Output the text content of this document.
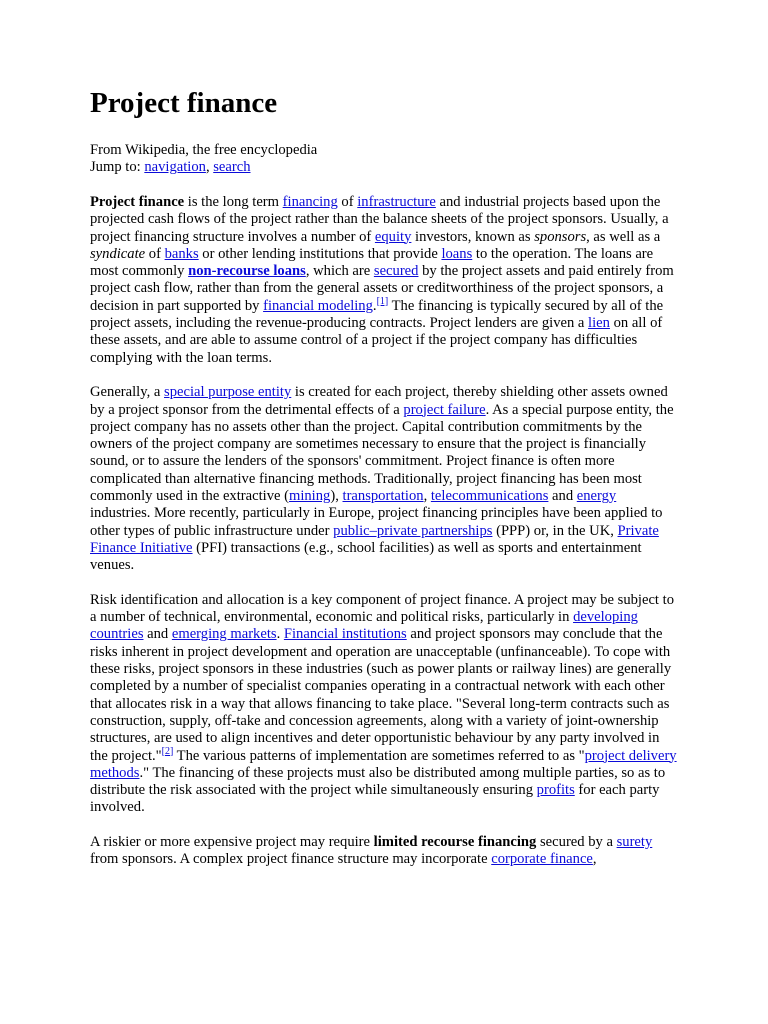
Project finance
From Wikipedia, the free encyclopedia
Jump to: navigation, search

Project finance is the long term financing of infrastructure and industrial projects based upon the projected cash flows of the project rather than the balance sheets of the project sponsors. Usually, a project financing structure involves a number of equity investors, known as sponsors, as well as a syndicate of banks or other lending institutions that provide loans to the operation. The loans are most commonly non-recourse loans, which are secured by the project assets and paid entirely from project cash flow, rather than from the general assets or creditworthiness of the project sponsors, a decision in part supported by financial modeling.[1] The financing is typically secured by all of the project assets, including the revenue-producing contracts. Project lenders are given a lien on all of these assets, and are able to assume control of a project if the project company has difficulties complying with the loan terms.

Generally, a special purpose entity is created for each project, thereby shielding other assets owned by a project sponsor from the detrimental effects of a project failure. As a special purpose entity, the project company has no assets other than the project. Capital contribution commitments by the owners of the project company are sometimes necessary to ensure that the project is financially sound, or to assure the lenders of the sponsors' commitment. Project finance is often more complicated than alternative financing methods. Traditionally, project financing has been most commonly used in the extractive (mining), transportation, telecommunications and energy industries. More recently, particularly in Europe, project financing principles have been applied to other types of public infrastructure under public–private partnerships (PPP) or, in the UK, Private Finance Initiative (PFI) transactions (e.g., school facilities) as well as sports and entertainment venues.

Risk identification and allocation is a key component of project finance. A project may be subject to a number of technical, environmental, economic and political risks, particularly in developing countries and emerging markets. Financial institutions and project sponsors may conclude that the risks inherent in project development and operation are unacceptable (unfinanceable). To cope with these risks, project sponsors in these industries (such as power plants or railway lines) are generally completed by a number of specialist companies operating in a contractual network with each other that allocates risk in a way that allows financing to take place. "Several long-term contracts such as construction, supply, off-take and concession agreements, along with a variety of joint-ownership structures, are used to align incentives and deter opportunistic behaviour by any party involved in the project."[2] The various patterns of implementation are sometimes referred to as "project delivery methods." The financing of these projects must also be distributed among multiple parties, so as to distribute the risk associated with the project while simultaneously ensuring profits for each party involved.

A riskier or more expensive project may require limited recourse financing secured by a surety from sponsors. A complex project finance structure may incorporate corporate finance,
